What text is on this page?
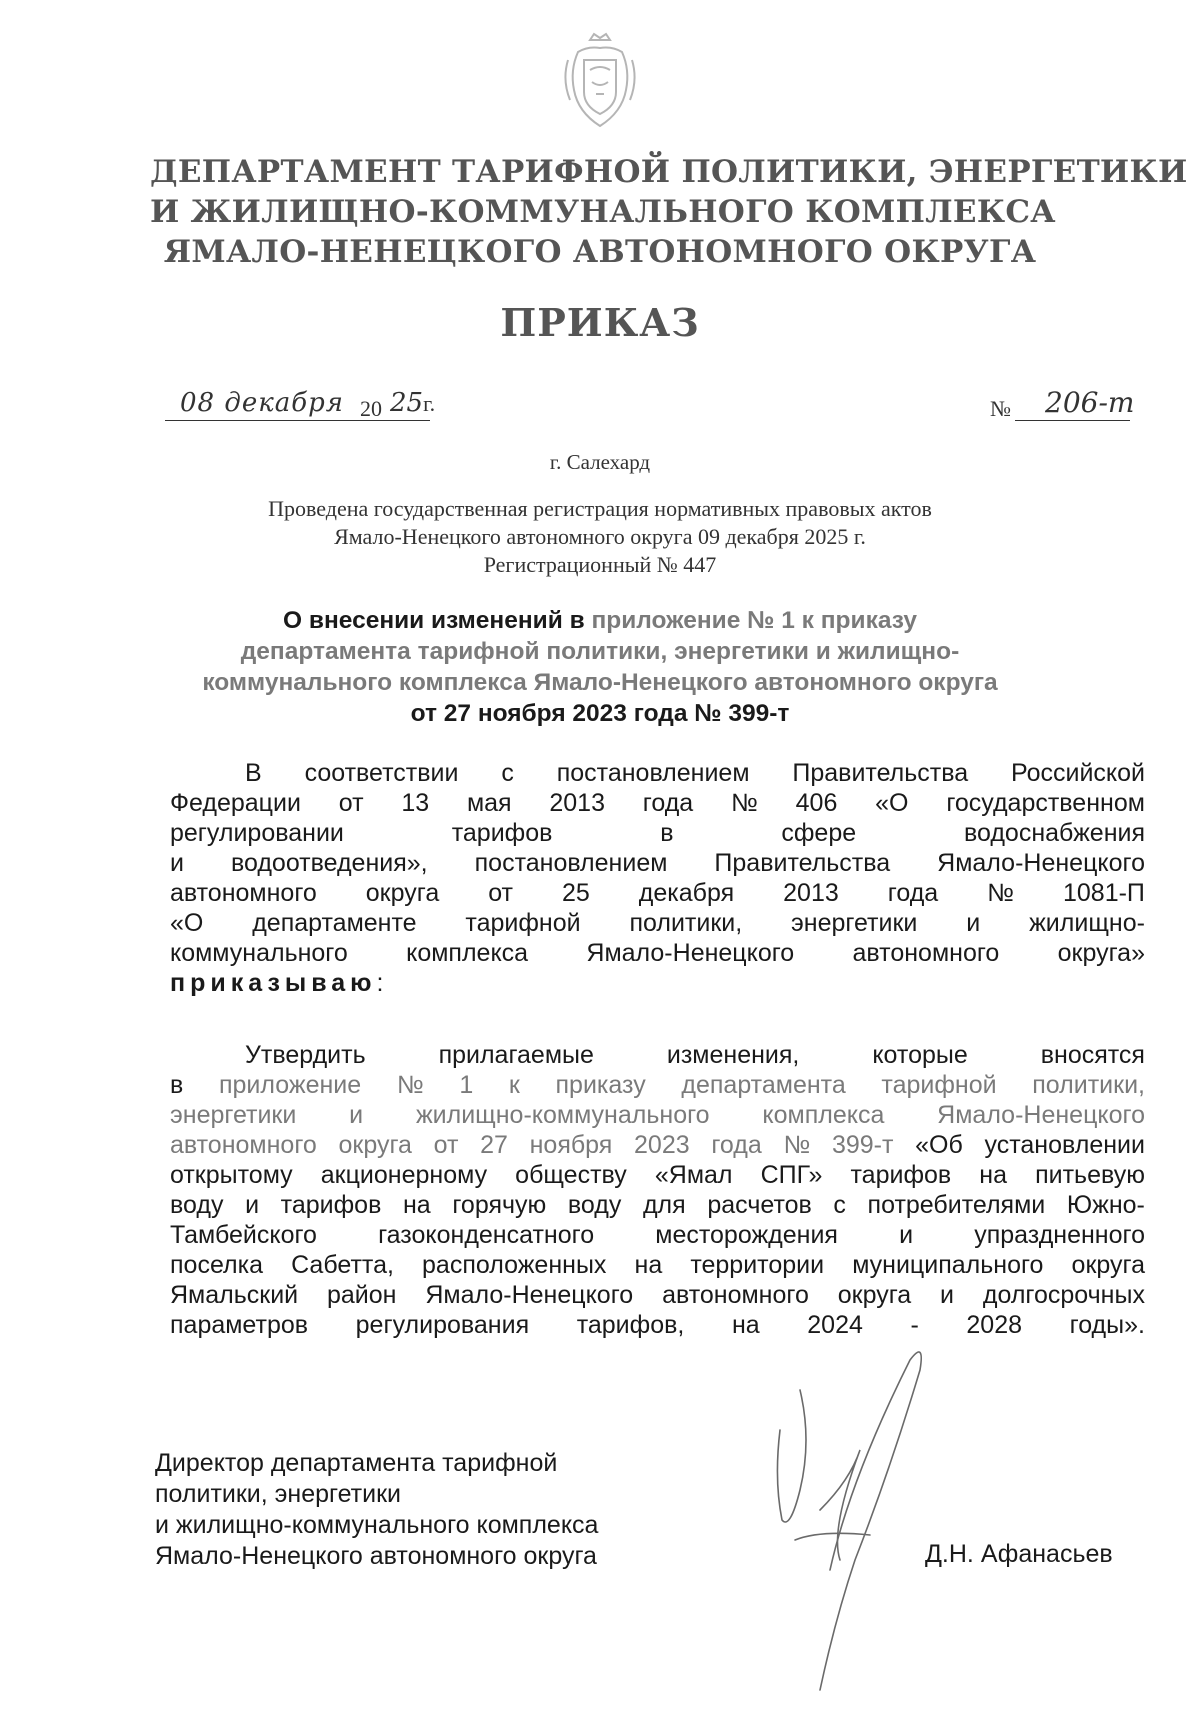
ДЕПАРТАМЕНТ ТАРИФНОЙ ПОЛИТИКИ, ЭНЕРГЕТИКИ
И ЖИЛИЩНО-КОММУНАЛЬНОГО КОМПЛЕКСА
ЯМАЛО-НЕНЕЦКОГО АВТОНОМНОГО ОКРУГА
ПРИКАЗ
08 декабря 20 25г.	№ 206-т
г. Салехард
Проведена государственная регистрация нормативных правовых актов
Ямало-Ненецкого автономного округа 09 декабря 2025 г.
Регистрационный № 447
О внесении изменений в приложение № 1 к приказу
департамента тарифной политики, энергетики и жилищно-
коммунального комплекса Ямало-Ненецкого автономного округа
от 27 ноября 2023 года № 399-т
В соответствии с постановлением Правительства Российской
Федерации от 13 мая 2013 года № 406 «О государственном
регулировании	тарифов	в	сфере	водоснабжения
и водоотведения», постановлением Правительства Ямало-Ненецкого
автономного округа от 25 декабря 2013 года № 1081-П
«О департаменте тарифной политики, энергетики и жилищно-
коммунального комплекса Ямало-Ненецкого автономного округа»
приказываю :
Утвердить	прилагаемые	изменения,	которые	вносятся
в приложение № 1 к приказу департамента тарифной политики,
энергетики и жилищно-коммунального комплекса Ямало-Ненецкого
автономного округа от 27 ноября 2023 года № 399-т «Об установлении
открытому акционерному обществу «Ямал СПГ» тарифов на питьевую
воду и тарифов на горячую воду для расчетов с потребителями Южно-
Тамбейского газоконденсатного месторождения и упраздненного
поселка Сабетта, расположенных на территории муниципального округа
Ямальский район Ямало-Ненецкого автономного округа и долгосрочных
параметров регулирования тарифов, на 2024 - 2028 годы».
Директор департамента тарифной
политики, энергетики
и жилищно-коммунального комплекса
Ямало-Ненецкого автономного округа	Д.Н. Афанасьев
